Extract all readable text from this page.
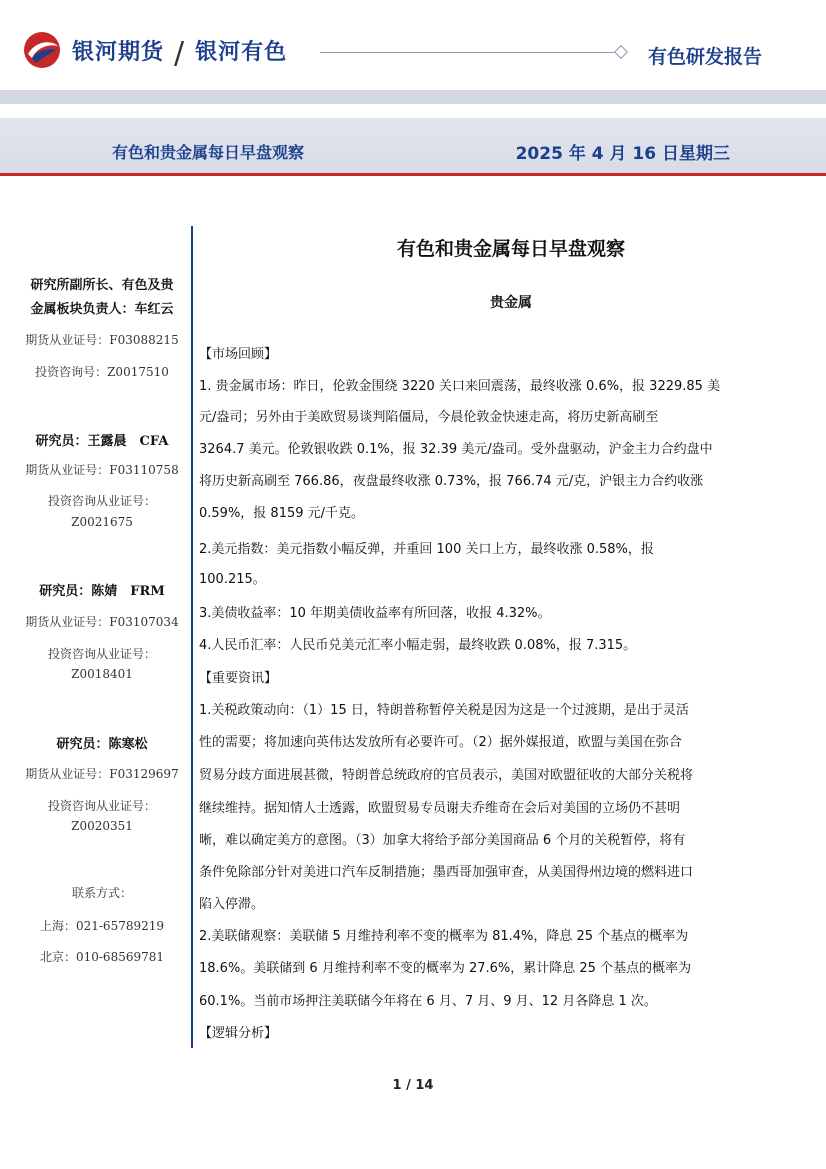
银河期货 / 银河有色	有色研发报告
有色和贵金属每日早盘观察	2025 年 4 月 16 日星期三
研究所副所长、有色及贵
金属板块负责人：车红云
期货从业证号：F03088215
投资咨询号：Z0017510
研究员：王露晨　CFA
期货从业证号：F03110758
投资咨询从业证号：
Z0021675
研究员：陈婧　FRM
期货从业证号：F03107034
投资咨询从业证号：
Z0018401
研究员：陈寒松
期货从业证号：F03129697
投资咨询从业证号：
Z0020351
联系方式：
上海：021-65789219
北京：010-68569781
有色和贵金属每日早盘观察
贵金属
【市场回顾】
1. 贵金属市场：昨日，伦敦金围绕 3220 关口来回震荡，最终收涨 0.6%，报 3229.85 美
元/盎司；另外由于美欧贸易谈判陷僵局，今晨伦敦金快速走高，将历史新高刷至
3264.7 美元。伦敦银收跌 0.1%，报 32.39 美元/盎司。受外盘驱动，沪金主力合约盘中
将历史新高刷至 766.86，夜盘最终收涨 0.73%，报 766.74 元/克，沪银主力合约收涨
0.59%，报 8159 元/千克。
2.美元指数：美元指数小幅反弹，并重回 100 关口上方，最终收涨 0.58%，报
100.215。
3.美债收益率：10 年期美债收益率有所回落，收报 4.32%。
4.人民币汇率：人民币兑美元汇率小幅走弱，最终收跌 0.08%，报 7.315。
【重要资讯】
1.关税政策动向：（1）15 日，特朗普称暂停关税是因为这是一个过渡期，是出于灵活
性的需要；将加速向英伟达发放所有必要许可。（2）据外媒报道，欧盟与美国在弥合
贸易分歧方面进展甚微，特朗普总统政府的官员表示，美国对欧盟征收的大部分关税将
继续维持。据知情人士透露，欧盟贸易专员谢夫乔维奇在会后对美国的立场仍不甚明
晰，难以确定美方的意图。（3）加拿大将给予部分美国商品 6 个月的关税暂停，将有
条件免除部分针对美进口汽车反制措施；墨西哥加强审查，从美国得州边境的燃料进口
陷入停滞。
2.美联储观察：美联储 5 月维持利率不变的概率为 81.4%，降息 25 个基点的概率为
18.6%。美联储到 6 月维持利率不变的概率为 27.6%，累计降息 25 个基点的概率为
60.1%。当前市场押注美联储今年将在 6 月、7 月、9 月、12 月各降息 1 次。
【逻辑分析】
1 / 14
